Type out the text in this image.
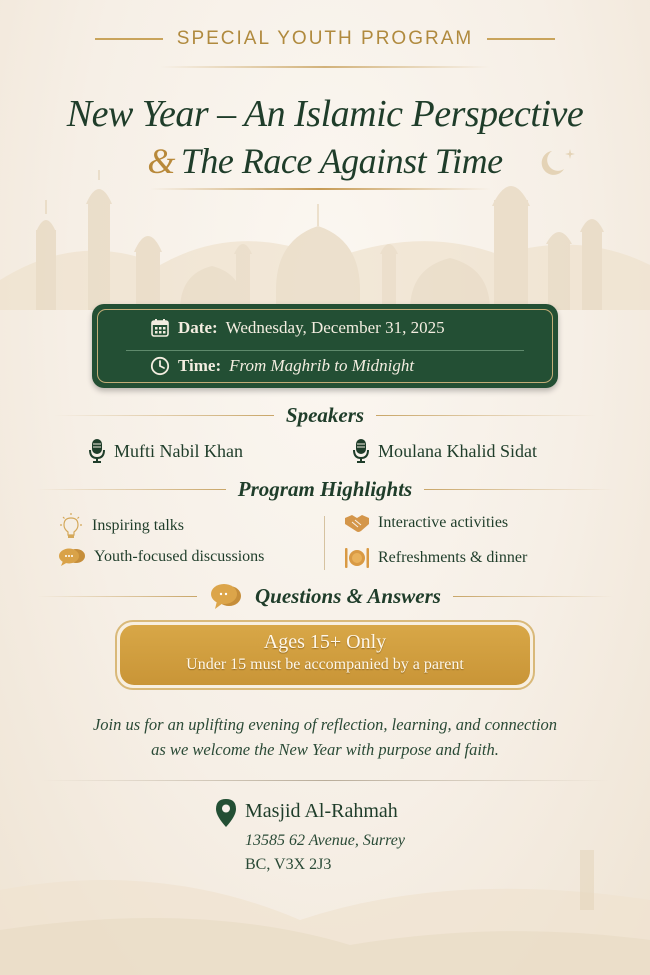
SPECIAL YOUTH PROGRAM
New Year – An Islamic Perspective
& The Race Against Time
Date: Wednesday, December 31, 2025
Time: From Maghrib to Midnight
Speakers
Mufti Nabil Khan	Moulana Khalid Sidat
Program Highlights
Inspiring talks
Youth-focused discussions
Interactive activities
Refreshments & dinner
Questions & Answers
Ages 15+ Only
Under 15 must be accompanied by a parent
Join us for an uplifting evening of reflection, learning, and connection
as we welcome the New Year with purpose and faith.
Masjid Al-Rahmah
13585 62 Avenue, Surrey
BC, V3X 2J3
